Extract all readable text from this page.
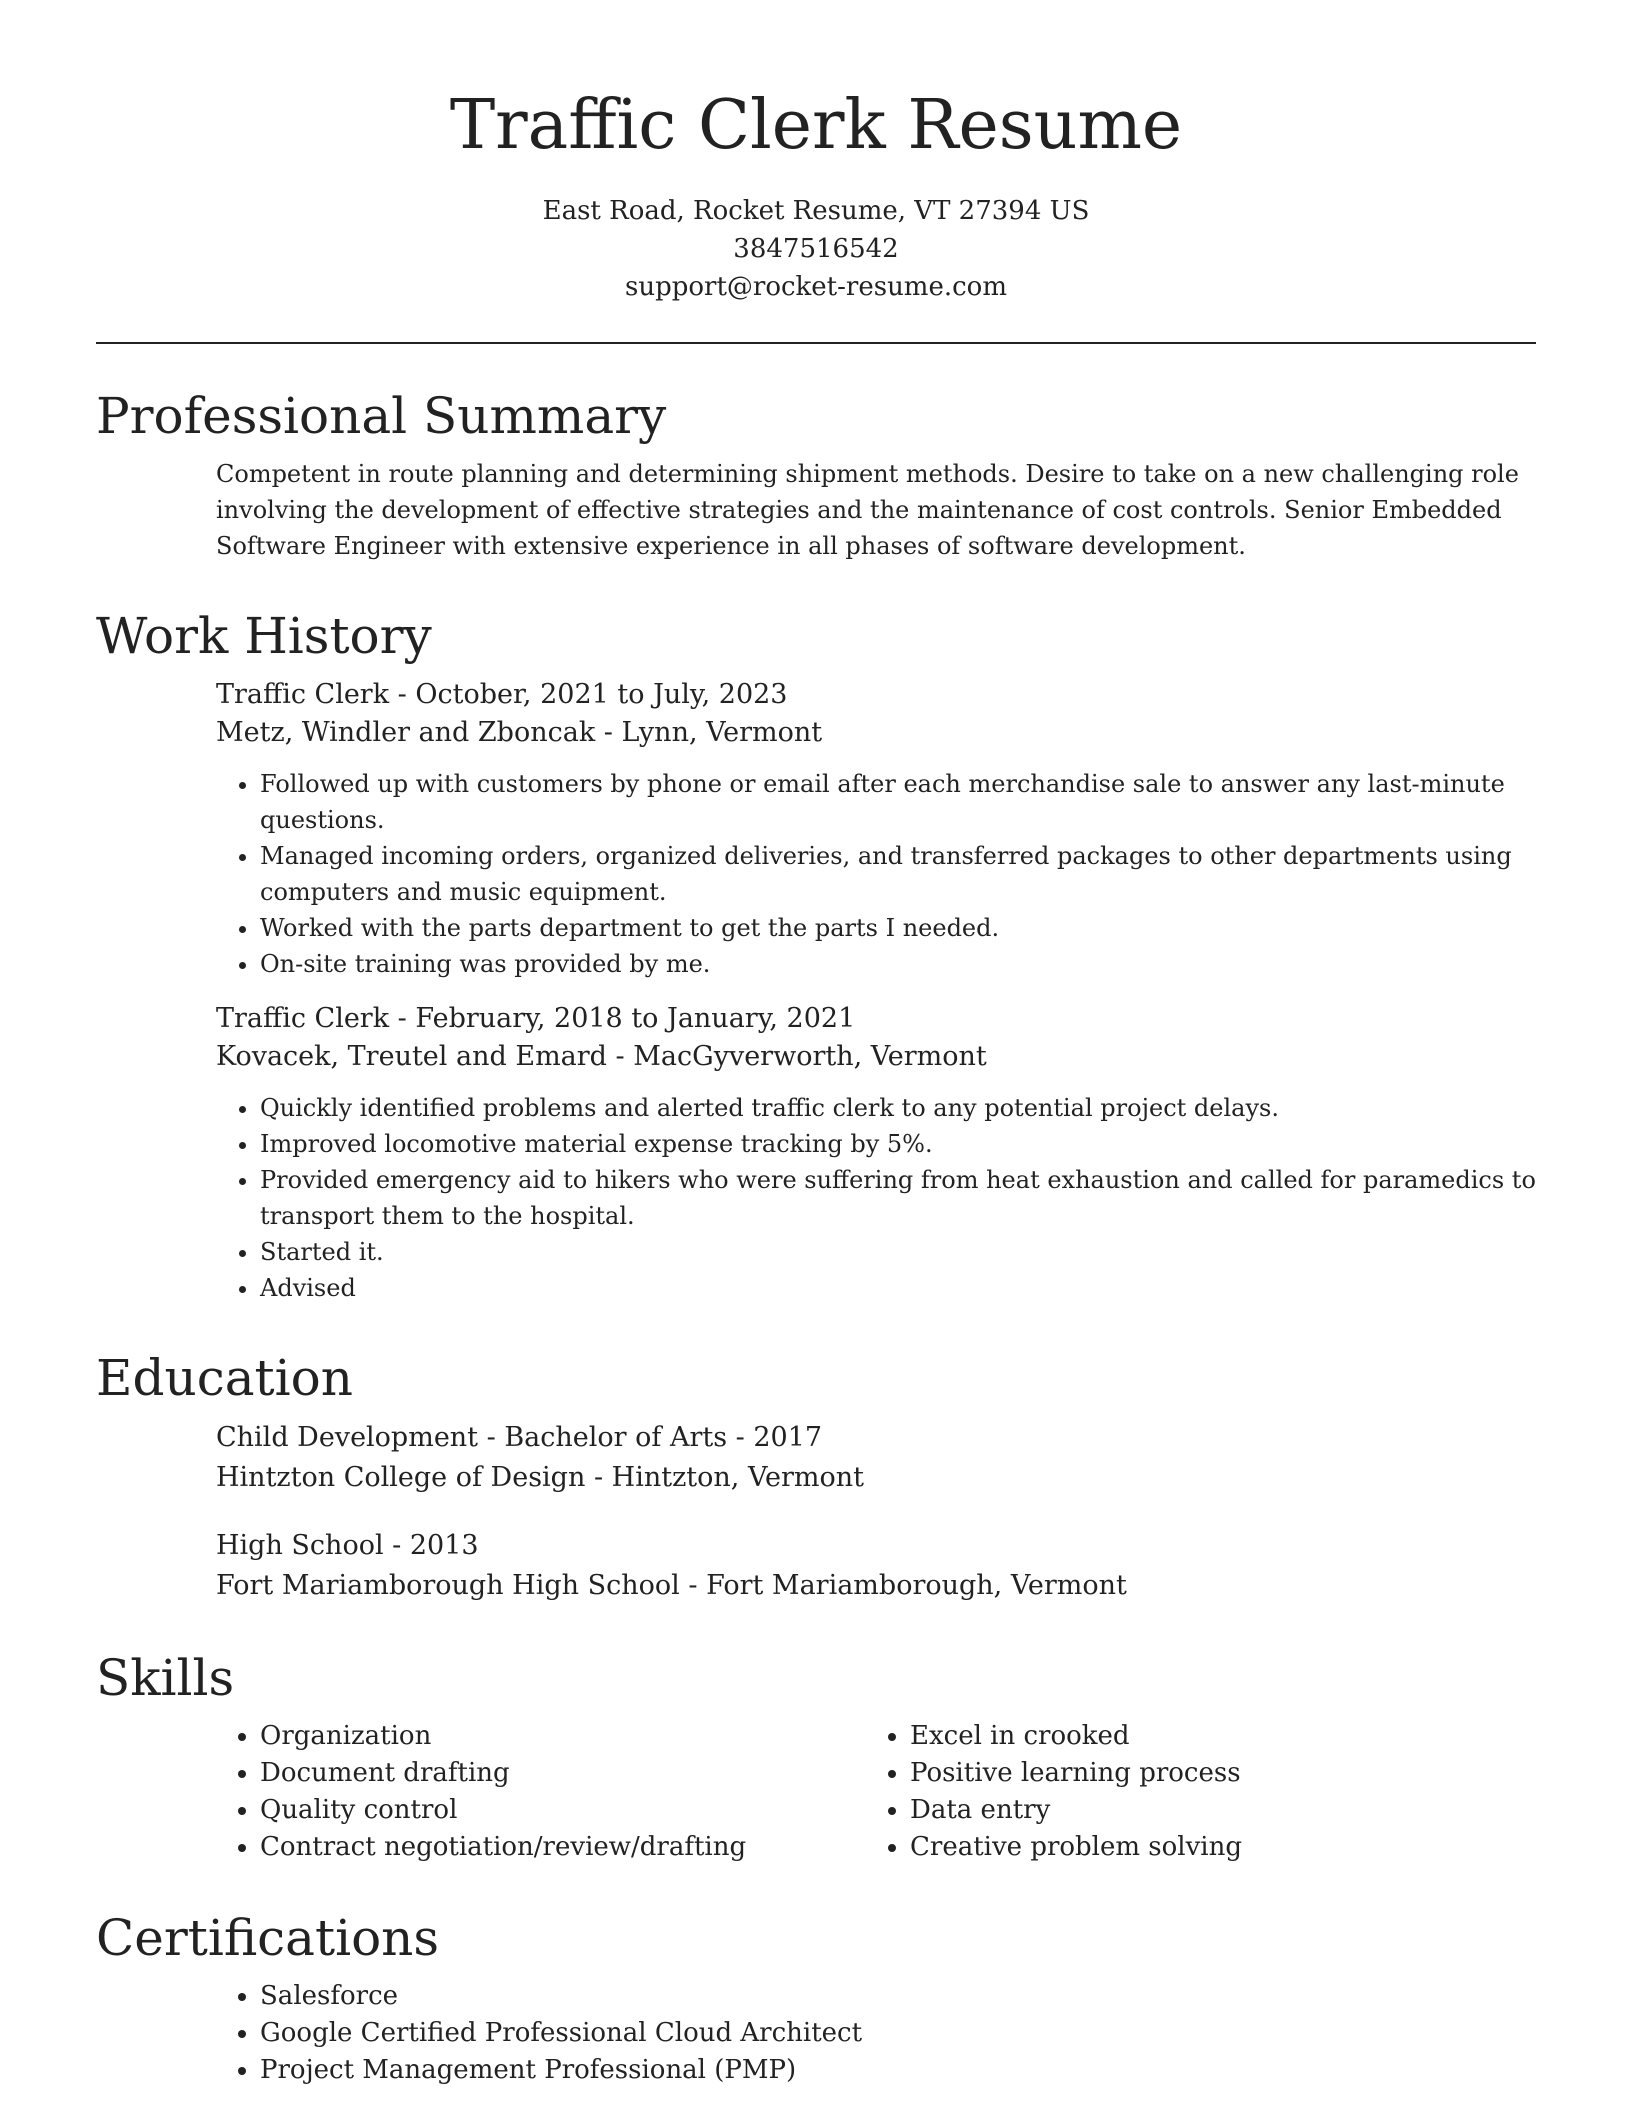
Traffic Clerk Resume

East Road, Rocket Resume, VT 27394 US

3847516542

support@rocket-resume.com

Professional Summary

Competent in route planning and determining shipment methods. Desire to take on a new challenging role involving the development of effective strategies and the maintenance of cost controls. Senior Embedded Software Engineer with extensive experience in all phases of software development.

Work History

Traffic Clerk - October, 2021 to July, 2023

Metz, Windler and Zboncak - Lynn, Vermont

• Followed up with customers by phone or email after each merchandise sale to answer any last-minute questions.
• Managed incoming orders, organized deliveries, and transferred packages to other departments using computers and music equipment.
• Worked with the parts department to get the parts I needed.
• On-site training was provided by me.

Traffic Clerk - February, 2018 to January, 2021

Kovacek, Treutel and Emard - MacGyverworth, Vermont

• Quickly identified problems and alerted traffic clerk to any potential project delays.
• Improved locomotive material expense tracking by 5%.
• Provided emergency aid to hikers who were suffering from heat exhaustion and called for paramedics to transport them to the hospital.
• Started it.
• Advised
Education

Child Development - Bachelor of Arts - 2017

Hintzton College of Design - Hintzton, Vermont

High School - 2013

Fort Mariamborough High School - Fort Mariamborough, Vermont

Skills
• Organization
• Document drafting
• Quality control
• Contract negotiation/review/drafting
• Excel in crooked
• Positive learning process
• Data entry
• Creative problem solving
Certifications
• Salesforce
• Google Certified Professional Cloud Architect
• Project Management Professional (PMP)
